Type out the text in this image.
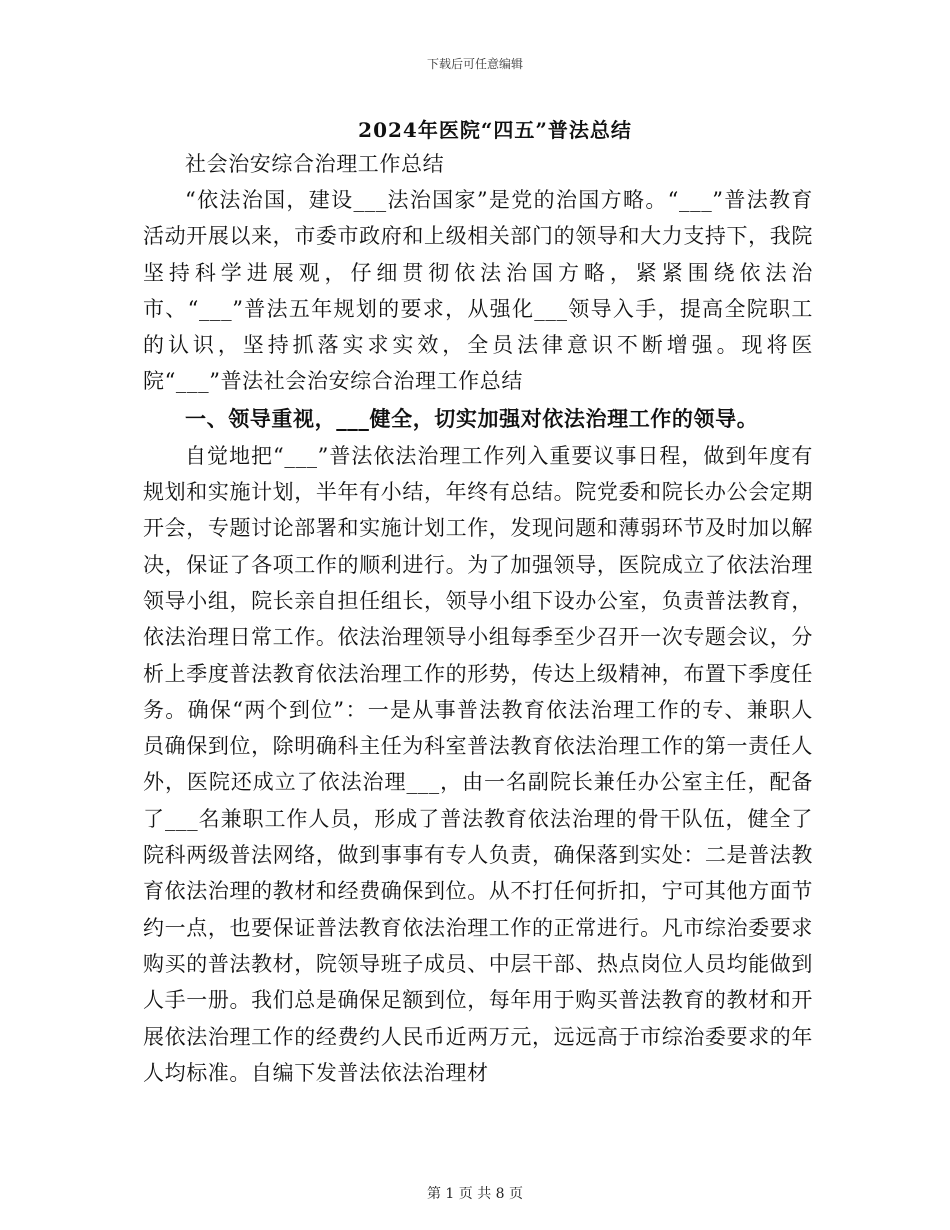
下载后可任意编辑
2024年医院“四五”普法总结

社会治安综合治理工作总结

“依法治国，建设___法治国家”是党的治国方略。“___”普法教育活动开展以来，市委市政府和上级相关部门的领导和大力支持下，我院坚持科学进展观，仔细贯彻依法治国方略，紧紧围绕依法治市、“___”普法五年规划的要求，从强化___领导入手，提高全院职工的认识，坚持抓落实求实效，全员法律意识不断增强。现将医院“___”普法社会治安综合治理工作总结

一、领导重视，___健全，切实加强对依法治理工作的领导。

自觉地把“___”普法依法治理工作列入重要议事日程，做到年度有规划和实施计划，半年有小结，年终有总结。院党委和院长办公会定期开会，专题讨论部署和实施计划工作，发现问题和薄弱环节及时加以解决，保证了各项工作的顺利进行。为了加强领导，医院成立了依法治理领导小组，院长亲自担任组长，领导小组下设办公室，负责普法教育，依法治理日常工作。依法治理领导小组每季至少召开一次专题会议，分析上季度普法教育依法治理工作的形势，传达上级精神，布置下季度任务。确保“两个到位”：一是从事普法教育依法治理工作的专、兼职人员确保到位，除明确科主任为科室普法教育依法治理工作的第一责任人外，医院还成立了依法治理___，由一名副院长兼任办公室主任，配备了___名兼职工作人员，形成了普法教育依法治理的骨干队伍，健全了院科两级普法网络，做到事事有专人负责，确保落到实处：二是普法教育依法治理的教材和经费确保到位。从不打任何折扣，宁可其他方面节约一点，也要保证普法教育依法治理工作的正常进行。凡市综治委要求购买的普法教材，院领导班子成员、中层干部、热点岗位人员均能做到人手一册。我们总是确保足额到位，每年用于购买普法教育的教材和开展依法治理工作的经费约人民币近两万元，远远高于市综治委要求的年人均标准。自编下发普法依法治理材

第 1 页 共 8 页
